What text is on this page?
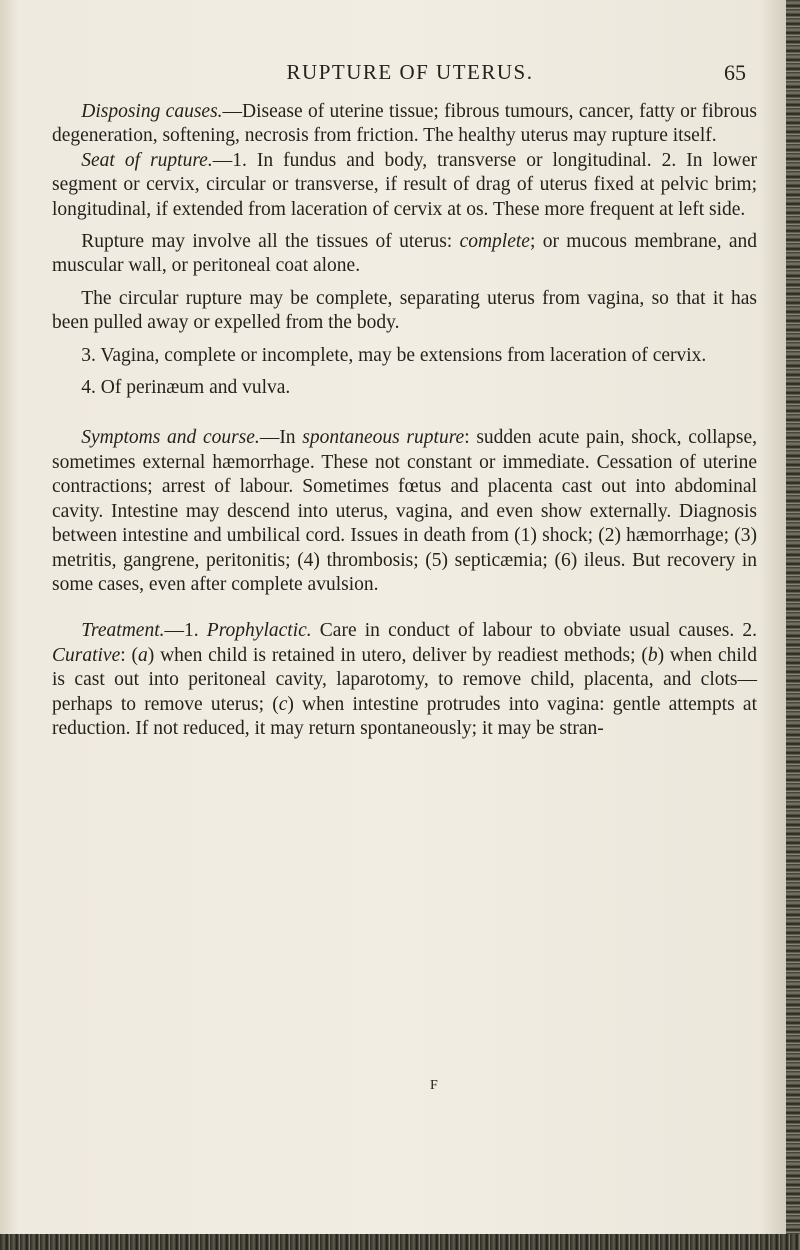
RUPTURE OF UTERUS.	65

Disposing causes.—Disease of uterine tissue; fibrous tumours, cancer, fatty or fibrous degeneration, softening, necrosis from friction. The healthy uterus may rupture itself.

Seat of rupture.—1. In fundus and body, transverse or longitudinal. 2. In lower segment or cervix, circular or transverse, if result of drag of uterus fixed at pelvic brim; longitudinal, if extended from laceration of cervix at os. These more frequent at left side.

Rupture may involve all the tissues of uterus: complete; or mucous membrane, and muscular wall, or peritoneal coat alone.

The circular rupture may be complete, separating uterus from vagina, so that it has been pulled away or expelled from the body.

3. Vagina, complete or incomplete, may be extensions from laceration of cervix.

4. Of perinæum and vulva.

Symptoms and course.—In spontaneous rupture: sudden acute pain, shock, collapse, sometimes external hæmorrhage. These not constant or immediate. Cessation of uterine contractions; arrest of labour. Sometimes fœtus and placenta cast out into abdominal cavity. Intestine may descend into uterus, vagina, and even show externally. Diagnosis between intestine and umbilical cord. Issues in death from (1) shock; (2) hæmorrhage; (3) metritis, gangrene, peritonitis; (4) thrombosis; (5) septicæmia; (6) ileus. But recovery in some cases, even after complete avulsion.

Treatment.—1. Prophylactic. Care in conduct of labour to obviate usual causes. 2. Curative: (a) when child is retained in utero, deliver by readiest methods; (b) when child is cast out into peritoneal cavity, laparotomy, to remove child, placenta, and clots—perhaps to remove uterus; (c) when intestine protrudes into vagina: gentle attempts at reduction. If not reduced, it may return spontaneously; it may be stran-

F
